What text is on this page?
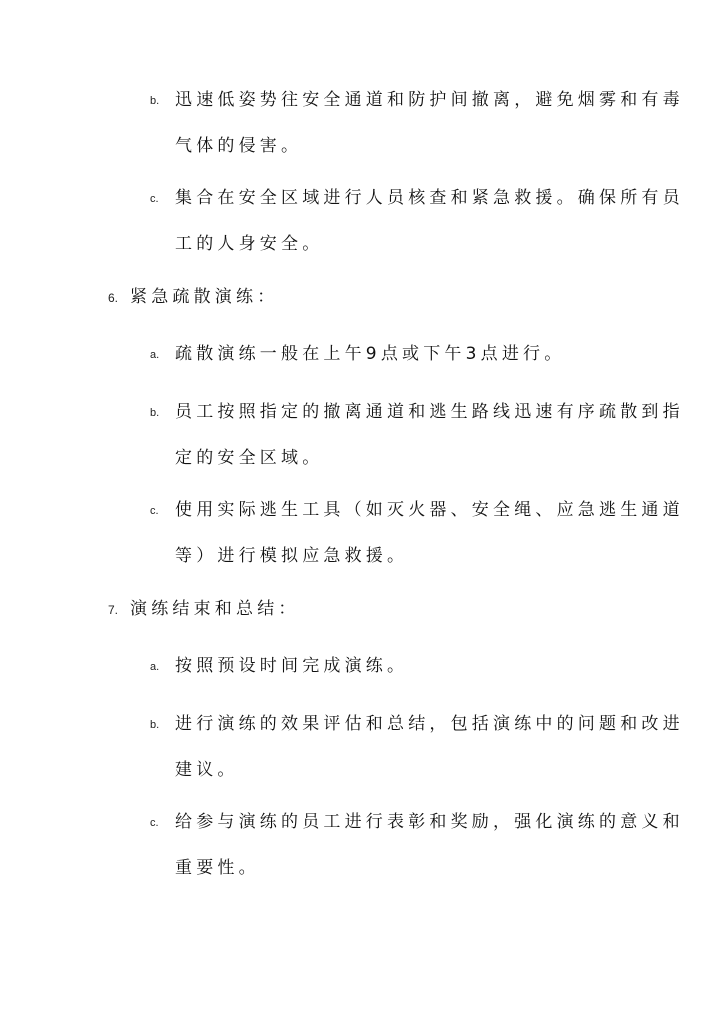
b. 迅速低姿势往安全通道和防护间撤离，避免烟雾和有毒
气体的侵害。
c. 集合在安全区域进行人员核查和紧急救援。确保所有员
工的人身安全。
6. 紧急疏散演练：
a. 疏散演练一般在上午9点或下午3点进行。
b. 员工按照指定的撤离通道和逃生路线迅速有序疏散到指
定的安全区域。
c. 使用实际逃生工具（如灭火器、安全绳、应急逃生通道
等）进行模拟应急救援。
7. 演练结束和总结：
a. 按照预设时间完成演练。
b. 进行演练的效果评估和总结，包括演练中的问题和改进
建议。
c. 给参与演练的员工进行表彰和奖励，强化演练的意义和
重要性。
